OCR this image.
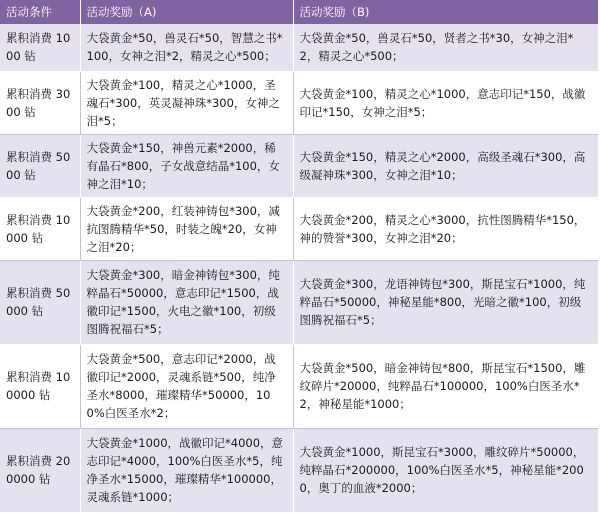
活动条件	活动奖励（A)	活动奖励（B)
累积消费 1000 钻	大袋黄金*50，兽灵石*50，智慧之书*100，女神之泪*2，精灵之心*500；	大袋黄金*50，兽灵石*50，贤者之书*30，女神之泪*2，精灵之心*500；
累积消费 3000 钻	大袋黄金*100，精灵之心*1000，圣魂石*300，英灵凝神珠*300，女神之泪*5；	大袋黄金*100，精灵之心*1000，意志印记*150，战徽印记*150，女神之泪*5；
累积消费 5000 钻	大袋黄金*150，神兽元素*2000，稀有晶石*800，子女战意结晶*100，女神之泪*10；	大袋黄金*150，精灵之心*2000，高级圣魂石*300，高级凝神珠*300，女神之泪*10；
累积消费 10000 钻	大袋黄金*200，红装神铸包*300，减抗图腾精华*50，时装之魄*20，女神之泪*20；	大袋黄金*200，精灵之心*3000，抗性图腾精华*150，神的赞誉*300，女神之泪*20；
累积消费 50000 钻	大袋黄金*300，暗金神铸包*300，纯粹晶石*50000，意志印记*1500，战徽印记*1500，火电之徽*100，初级图腾祝福石*5；	大袋黄金*300，龙语神铸包*300，斯昆宝石*1000，纯粹晶石*50000，神秘星能*800，光暗之徽*100，初级图腾祝福石*5；
累积消费 100000 钻	大袋黄金*500，意志印记*2000，战徽印记*2000，灵魂系链*500，纯净圣水*8000，璀璨精华*50000，100%白医圣水*2；	大袋黄金*500，暗金神铸包*800，斯昆宝石*1500，雕纹碎片*20000，纯粹晶石*100000，100%白医圣水*2，神秘星能*1000；
累积消费 200000 钻	大袋黄金*1000，战徽印记*4000，意志印记*4000，100%白医圣水*5，纯净圣水*15000，璀璨精华*100000，灵魂系链*1000；	大袋黄金*1000，斯昆宝石*3000，雕纹碎片*50000，纯粹晶石*200000，100%白医圣水*5，神秘星能*2000，奥丁的血液*2000；
